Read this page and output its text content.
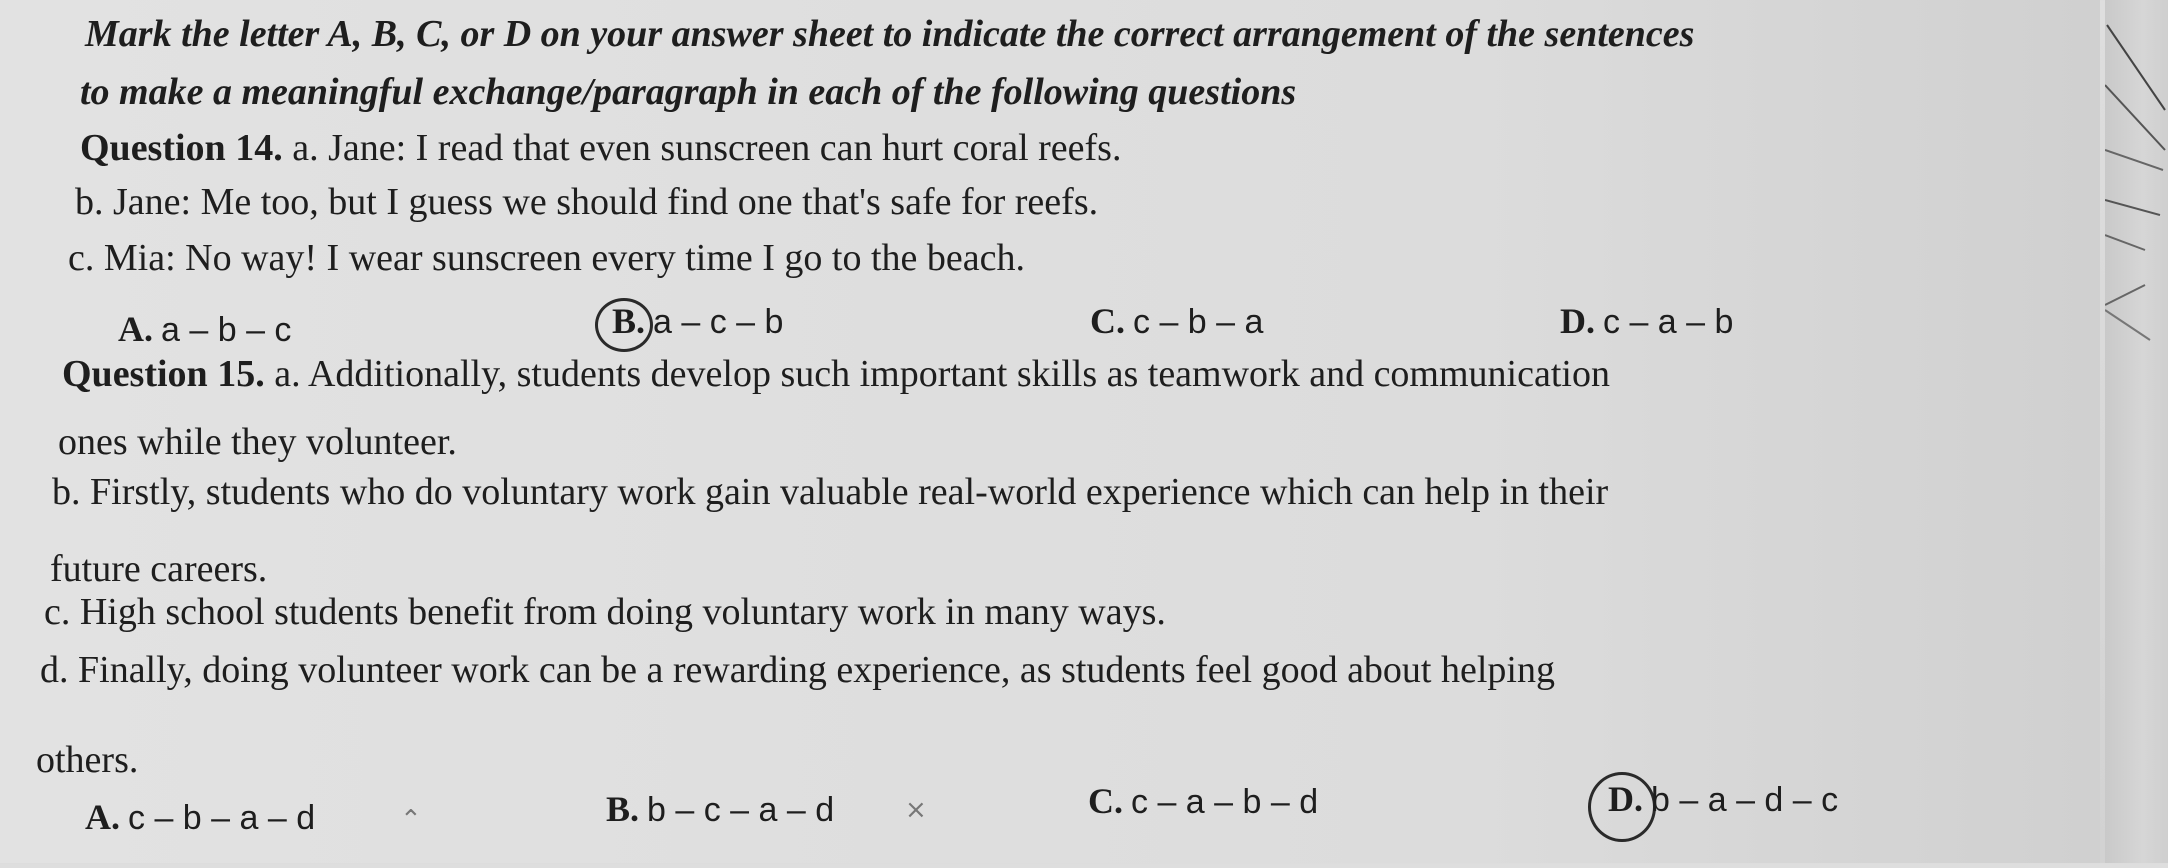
Mark the letter A, B, C, or D on your answer sheet to indicate the correct arrangement of the sentences
to make a meaningful exchange/paragraph in each of the following questions
Question 14. a. Jane: I read that even sunscreen can hurt coral reefs.
b. Jane: Me too, but I guess we should find one that's safe for reefs.
c. Mia: No way! I wear sunscreen every time I go to the beach.
A. a – b – c	B. a – c – b	C. c – b – a	D. c – a – b
Question 15. a. Additionally, students develop such important skills as teamwork and communication
ones while they volunteer.
b. Firstly, students who do voluntary work gain valuable real-world experience which can help in their
future careers.
c. High school students benefit from doing voluntary work in many ways.
d. Finally, doing volunteer work can be a rewarding experience, as students feel good about helping
others.
A. c – b – a – d	⌃	B. b – c – a – d	×	C. c – a – b – d	D. b – a – d – c
